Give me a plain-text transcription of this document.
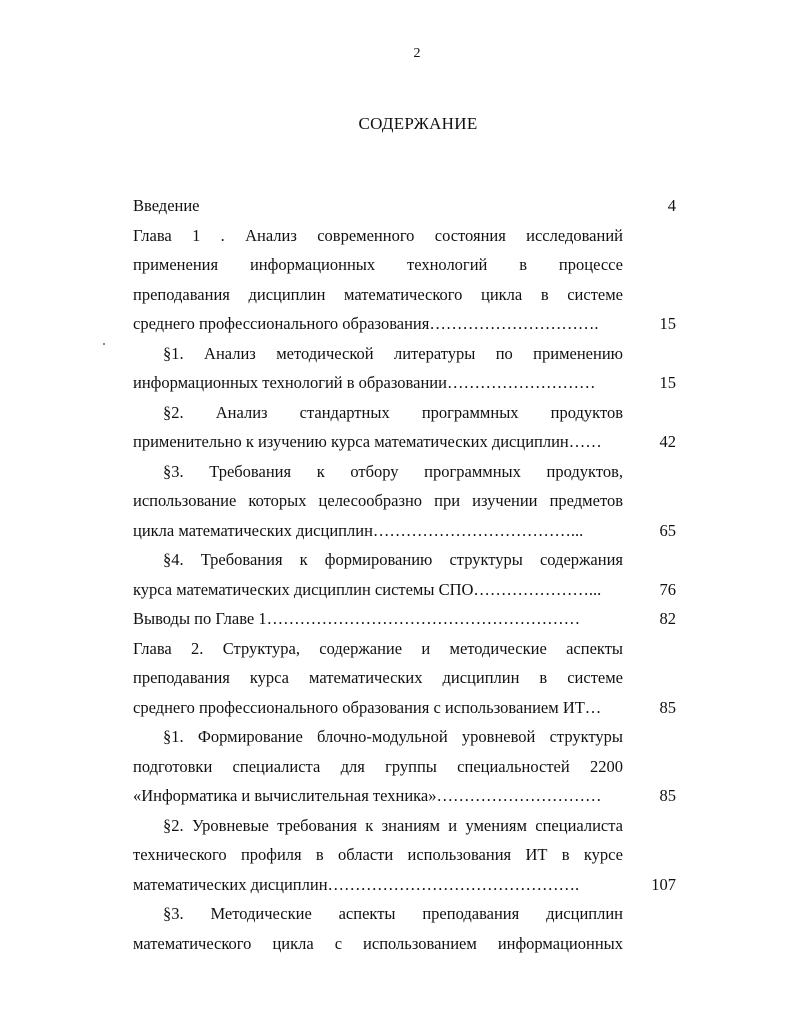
2
СОДЕРЖАНИЕ
Введение	4
Глава 1 . Анализ современного состояния исследований
применения информационных технологий в процессе
преподавания дисциплин математического цикла в системе
среднего профессионального образования………………………….	15
§1. Анализ методической литературы по применению
информационных технологий в образовании………………………	15
§2. Анализ стандартных программных продуктов
применительно к изучению курса математических дисциплин……	42
§3. Требования к отбору программных продуктов,
использование которых целесообразно при изучении предметов
цикла математических дисциплин………………………………...	65
§4. Требования к формированию структуры содержания
курса математических дисциплин системы СПО…………………...	76
Выводы по Главе 1…………………………………………………	82
Глава 2. Структура, содержание и методические аспекты
преподавания курса математических дисциплин в системе
среднего профессионального образования с использованием ИТ…	85
§1. Формирование блочно-модульной уровневой структуры
подготовки специалиста для группы специальностей 2200
«Информатика и вычислительная техника»…………………………	85
§2. Уровневые требования к знаниям и умениям специалиста
технического профиля в области использования ИТ в курсе
математических дисциплин……………………………………….	107
§3. Методические аспекты преподавания дисциплин
математического цикла с использованием информационных
